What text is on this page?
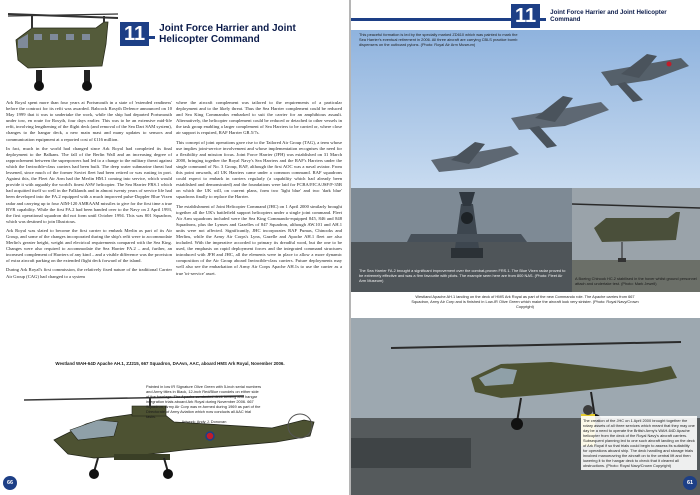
11	Joint Force Harrier and Joint Helicopter Command

Ark Royal spent more than four years at Portsmouth in a state of 'extended readiness' before the contract for its refit was awarded. Babcock Rosyth Defence announced on 10 May 1999 that it was to undertake the work, while the ship had departed Portsmouth under tow, en route for Rosyth, four days earlier. This was to be an extensive mid-life refit, involving lengthening of the flight deck (and removal of the Sea Dart SAM system), changes to the hangar deck, a new main mast and many updates to sensors and communication equipment at a reported cost of £116 million.

In fact, much in the world had changed since Ark Royal had completed its final deployment to the Balkans. The fall of the Berlin Wall and an increasing degree of rapprochement between the superpowers had led to a change to the military threat against which the Invincible-class carriers had been built. The deep water submarine threat had lessened, since much of the former Soviet fleet had been retired or was rusting in port. Against this, the Fleet Air Arm had the Merlin HM.1 coming into service, which would provide it with arguably the world's finest ASW helicopter. The Sea Harrier FRS.1 which had acquitted itself so well in the Falklands and in almost twenty years of service life had been developed into the FA.2 equipped with a much improved pulse-Doppler Blue Vixen radar and carrying up to four AIM-120 AMRAAM missiles to give for the first time a true BVR capability. While the first FA.2 had been handed over to the Navy on 2 April 1993, the first operational squadron did not form until October 1994. This was 801 Squadron, which was destined to join Illustrious.

Ark Royal was slated to become the first carrier to embark Merlin as part of its Air Group, and some of the changes incorporated during the ship's refit were to accommodate Merlin's greater height, weight and electrical requirements compared with the Sea King. Changes were also required to accommodate the Sea Harrier FA.2 – and, further, an increased complement of Harriers of any kind – and a visible difference was the provision of extra aircraft parking on the extended flight deck forward of the island.

During Ark Royal's first commission, the relatively fixed nature of the traditional Carrier Air Group (CAG) had changed to a system

where the aircraft complement was tailored to the requirements of a particular deployment and to the likely threat. Thus the Sea Harrier complement could be reduced and Sea King Commandos embarked to suit the carrier for an amphibious assault. Alternatively, the helicopter complement could be reduced or detached to other vessels in the task group enabling a larger complement of Sea Harriers to be carried or, where close air support is required, RAF Harrier GR.5/7s.

This concept of joint operations gave rise to the Tailored Air Group (TAG), a term whose use implies joint-service involvement and whose implementation recognises the need for a flexibility and mission focus. Joint Force Harrier (JFH) was established on 31 March 2000, bringing together the Royal Navy's Sea Harriers and the RAF's Harriers under the single command of No. 3 Group, RAF, although the first AOC was a naval aviator. From this point onwards, all UK Harriers came under a common command. RAF squadrons could expect to embark in carriers regularly (a capability which had already been established and demonstrated) and the foundations were laid for FCBA/FJCA/JSF/F-35B on which the UK will, on current plans, form two 'light blue' and two 'dark blue' squadrons finally to replace the Harrier.

The establishment of Joint Helicopter Command (JHC) on 1 April 2000 similarly brought together all the UK's battlefield support helicopters under a single joint command. Fleet Air Arm squadrons included were the Sea King Commando-equipped 845, 846 and 848 Squadrons, plus the Lynxes and Gazelles of 847 Squadron, although AW.101 and AH.1 units were not affected. Significantly, JHC incorporates RAF Pumas, Chinooks and Merlins, while the Army Air Corps's Lynx, Gazelle and Apache AH.1 fleet are also included. With the imperative accorded to primary its dreadful word, but the one to be used, the emphasis on rapid deployment forces and the integrated command structures introduced with JFH and JHC, all the elements were in place to allow a more dynamic composition of the Air Group aboard Invincible-class carriers. Future deployments may well also see the embarkation of Army Air Corps Apache AH.1s to use the carrier as a true 'tri-service' asset.

Westland WAH-64D Apache AH.1, ZJ215, 667 Squadron, DAAvn, AAC, aboard HMS Ark Royal, November 2006.
Painted in low IR Signature Olive Green with 5-inch serial numbers and Army titles in Black, 12-inch Red/Blue roundels on either side of the fuselage. The Apache conducted deck landing and hangar integration trials aboard Ark Royal during November 2006. 667 Squadron, Army Air Corp was re-formed during 1969 as part of the Directorate of Army Aviation which now conducts all AAC trial tasks.
Artwork: Andy J. Donovan
66
11	Joint Force Harrier and Joint Helicopter Command
This peaceful formation is led by the specially marked ZD610 which was painted to mark the Sea Harrier's eventual retirement in 2006. All three aircraft are carrying CBLS practice bomb dispensers on the outboard pylons. (Photo: Royal Air Arm Museum)
The Sea Harrier FA.2 brought a significant improvement over the combat-proven FRS.1. The Blue Vixen radar proved to be extremely effective and was a firm favourite with pilots. The example seen here are from 800 NAS. (Photo: Fleet Air Arm Museum)	A Boeing Chinook HC.2 stabilised in the hover whilst ground personnel attach and undertake test. (Photo: Mark Jewell)
Westland Apache AH.1 landing on the deck of HMS Ark Royal as part of the new Commando role. The Apache carries from 667 Squadron, Army Air Corp and is finished in Low-IR Olive Green which make the aircraft look very sinister. (Photo: Royal Navy/Crown Copyright)
The creation of the JHC on 1 April 2000 brought together the rotary assets of all three services which meant that they may one day be a need to operate the British Army's WAH-64D Apache helicopter from the deck of the Royal Navy's aircraft carriers. Subsequent planning led to one such aircraft landing on the deck of Ark Royal if so that trials could begin to assess its suitability for operations aboard ship. The deck handling and storage trials involved manoeuvring the aircraft on to the central lift and then lowering it to the hangar deck to check that it cleared all obstructions. (Photo: Royal Navy/Crown Copyright)
61
